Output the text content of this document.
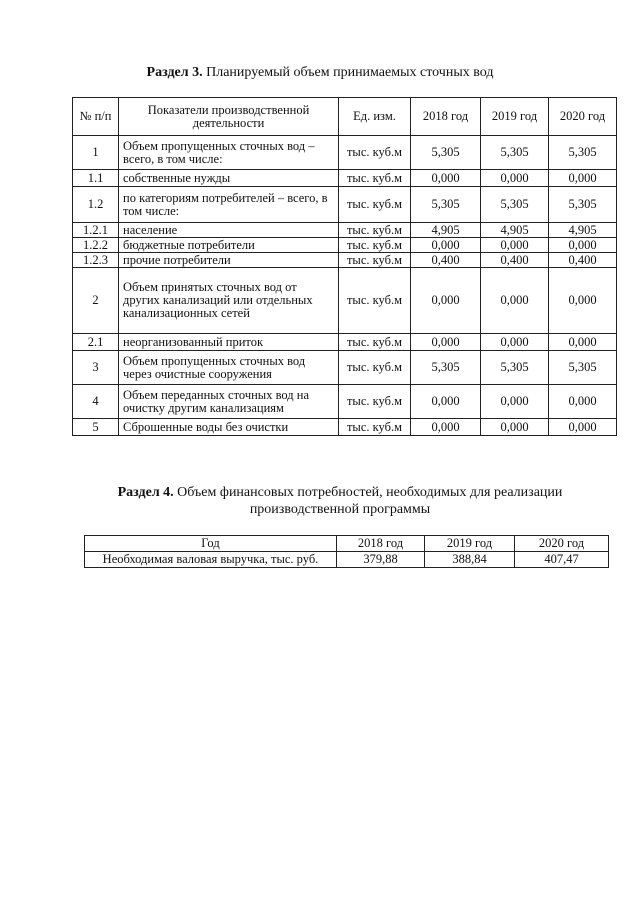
Раздел 3. Планируемый объем принимаемых сточных вод
№ п/п	Показатели производственной деятельности	Ед. изм.	2018 год	2019 год	2020 год
1	Объем пропущенных сточных вод – всего, в том числе:	тыс. куб.м	5,305	5,305	5,305
1.1	собственные нужды	тыс. куб.м	0,000	0,000	0,000
1.2	по категориям потребителей – всего, в том числе:	тыс. куб.м	5,305	5,305	5,305
1.2.1	население	тыс. куб.м	4,905	4,905	4,905
1.2.2	бюджетные потребители	тыс. куб.м	0,000	0,000	0,000
1.2.3	прочие потребители	тыс. куб.м	0,400	0,400	0,400
2	Объем принятых сточных вод от других канализаций или отдельных канализационных сетей	тыс. куб.м	0,000	0,000	0,000
2.1	неорганизованный приток	тыс. куб.м	0,000	0,000	0,000
3	Объем пропущенных сточных вод через очистные сооружения	тыс. куб.м	5,305	5,305	5,305
4	Объем переданных сточных вод на очистку другим канализациям	тыс. куб.м	0,000	0,000	0,000
5	Сброшенные воды без очистки	тыс. куб.м	0,000	0,000	0,000
Раздел 4. Объем финансовых потребностей, необходимых для реализации производственной программы
Год	2018 год	2019 год	2020 год
Необходимая валовая выручка, тыс. руб.	379,88	388,84	407,47
